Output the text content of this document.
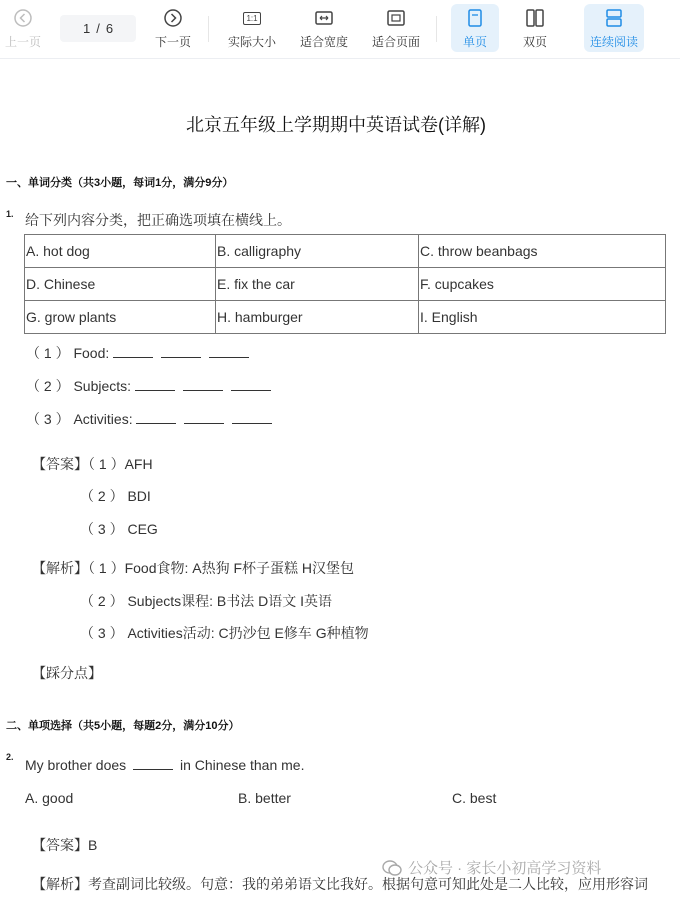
上一页
1 / 6
下一页
1:1
实际大小 适合宽度 适合页面	单页	双页	连续阅读
北京五年级上学期期中英语试卷(详解)
一、单词分类（共3小题，每词1分，满分9分）
1. 给下列内容分类，把正确选项填在横线上。
A. hot dog	B. calligraphy	C. throw beanbags
D. Chinese	E. fix the car	F. cupcakes
G. grow plants	H. hamburger	I. English
（ 1 ） Food:
（ 2 ） Subjects:
（ 3 ） Activities:
【答案】（ 1 ）AFH
（ 2 ） BDI
（ 3 ） CEG
【解析】（ 1 ）Food食物: A热狗 F杯子蛋糕 H汉堡包
（ 2 ） Subjects课程: B书法 D语文 I英语
（ 3 ） Activities活动: C扔沙包 E修车 G种植物
【踩分点】
二、单项选择（共5小题，每题2分，满分10分）
2. My brother does	in Chinese than me.
A. good	B. better	C. best
【答案】B
【解析】考查副词比较级。句意：我的弟弟语文比我好。根据句意可知此处是二人比较，应用形容词
公众号 · 家长小初高学习资料
